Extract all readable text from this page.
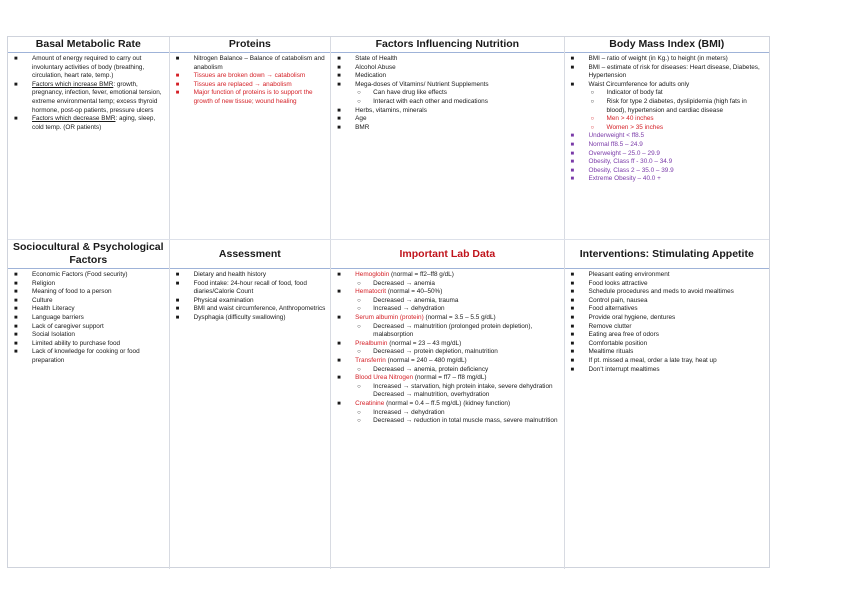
Basal Metabolic Rate
■ Amount of energy required to carry out involuntary activities of body (breathing, circulation, heart rate, temp.)
■ Factors which increase BMR: growth, pregnancy, infection, fever, emotional tension, extreme environmental temp; excess thyroid hormone, post-op patients, pressure ulcers
■ Factors which decrease BMR: aging, sleep, cold temp. (OR patients)
Proteins
■ Nitrogen Balance – Balance of catabolism and anabolism
■ Tissues are broken down → catabolism
■ Tissues are replaced → anabolism
■ Major function of proteins is to support the growth of new tissue; wound healing
Factors Influencing Nutrition
■ State of Health
■ Alcohol Abuse
■ Medication
■ Mega-doses of Vitamins/ Nutrient Supplements
○ Can have drug like effects
○ Interact with each other and medications
■ Herbs, vitamins, minerals
■ Age
■ BMR
Body Mass Index (BMI)
■ BMI – ratio of weight (in Kg.) to height (in meters)
■ BMI – estimate of risk for diseases: Heart disease, Diabetes, Hypertension
■ Waist Circumference for adults only
○ Indicator of body fat
○ Risk for type 2 diabetes, dyslipidemia (high fats in blood), hypertension and cardiac disease
○ Men > 40 inches
○ Women > 35 inches
■ Underweight < ff8.5
■ Normal ff8.5 – 24.9
■ Overweight – 25.0 – 29.9
■ Obesity, Class ff - 30.0 – 34.9
■ Obesity, Class 2 – 35.0 – 39.9
■ Extreme Obesity – 40.0 +
Sociocultural & Psychological
Factors
■ Economic Factors (Food security)
■ Religion
■ Meaning of food to a person
■ Culture
■ Health Literacy
■ Language barriers
■ Lack of caregiver support
■ Social Isolation
■ Limited ability to purchase food
■ Lack of knowledge for cooking or food preparation
Assessment
■ Dietary and health history
■ Food intake: 24-hour recall of food, food diaries/Calorie Count
■ Physical examination
■ BMI and waist circumference, Anthropometrics
■ Dysphagia (difficulty swallowing)
Important Lab Data
■ Hemoglobin (normal = ff2–ff8 g/dL)
○ Decreased → anemia
■ Hematocrit (normal = 40–50%)
○ Decreased → anemia, trauma
○ Increased → dehydration
■ Serum albumin (protein) (normal = 3.5 – 5.5 g/dL)
○ Decreased → malnutrition (prolonged protein depletion), malabsorption
■ Prealbumin (normal = 23 – 43 mg/dL)
○ Decreased → protein depletion, malnutrition
■ Transferrin (normal = 240 – 480 mg/dL)
○ Decreased → anemia, protein deficiency
■ Blood Urea Nitrogen (normal = ff7 – ff8 mg/dL)
○ Increased → starvation, high protein intake, severe dehydration
Decreased → malnutrition, overhydration
■ Creatinine (normal = 0.4 – ff.5 mg/dL) (kidney function)
○ Increased → dehydration
○ Decreased → reduction in total muscle mass, severe malnutrition
Interventions: Stimulating Appetite
■ Pleasant eating environment
■ Food looks attractive
■ Schedule procedures and meds to avoid mealtimes
■ Control pain, nausea
■ Food alternatives
■ Provide oral hygiene, dentures
■ Remove clutter
■ Eating area free of odors
■ Comfortable position
■ Mealtime rituals
■ If pt. missed a meal, order a late tray, heat up
■ Don’t interrupt mealtimes
